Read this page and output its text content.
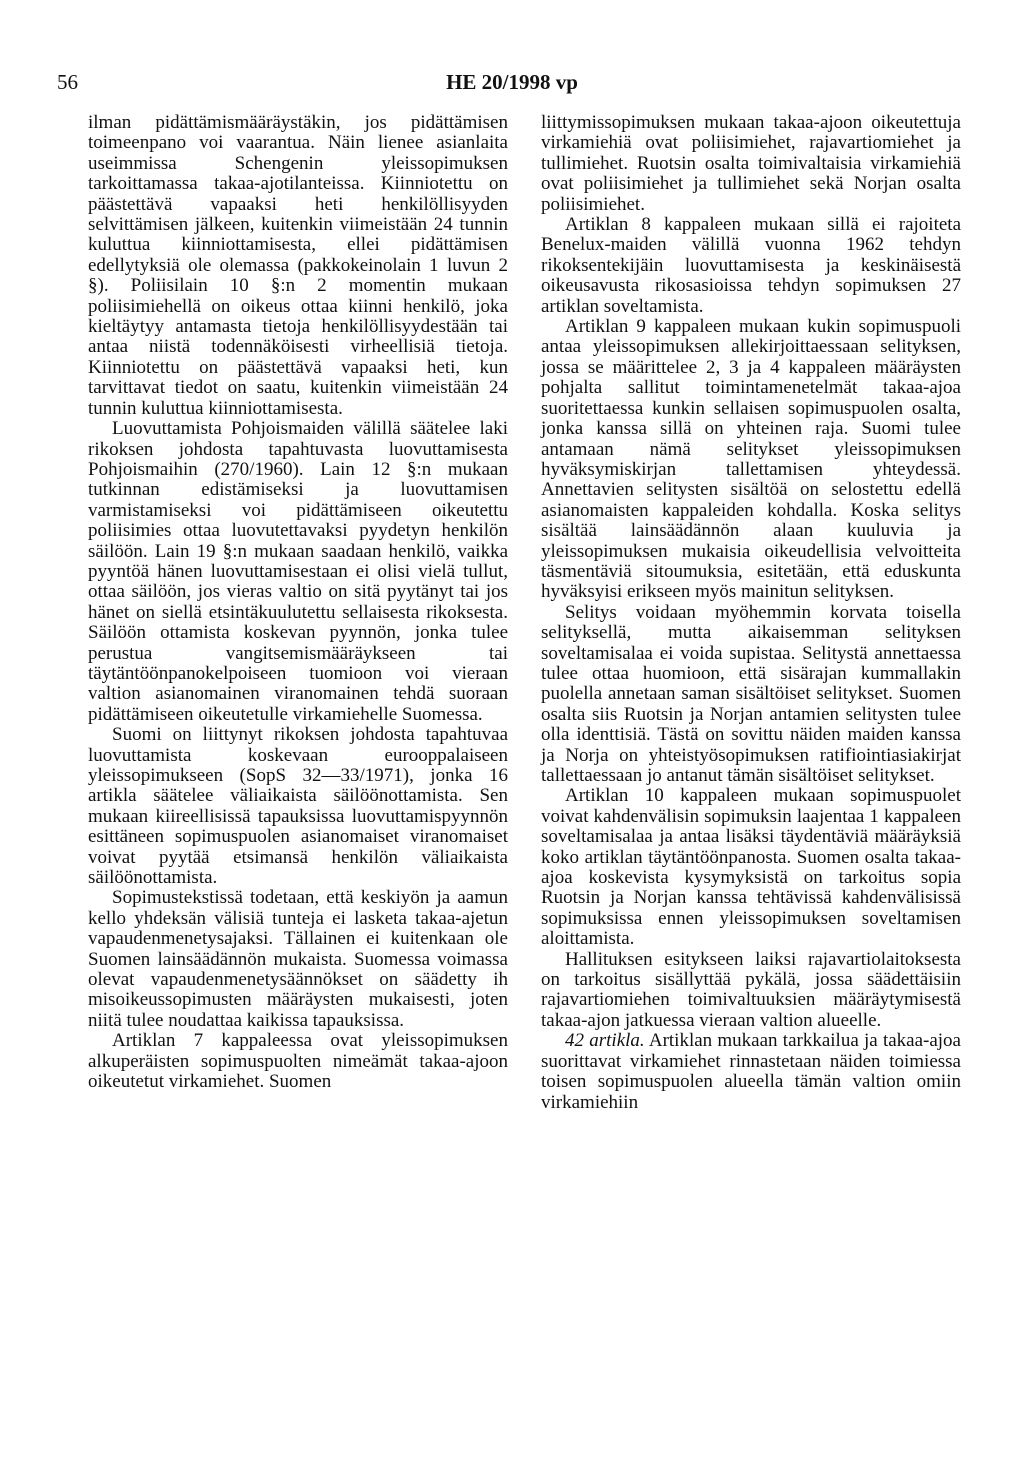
56	HE 20/1998 vp

ilman pidättämismääräystäkin, jos pidättämisen toimeenpano voi vaarantua. Näin lienee asianlaita useimmissa Schengenin yleissopimuksen tarkoittamassa takaa-ajotilanteissa. Kiinniotettu on päästettävä vapaaksi heti henkilöllisyyden selvittämisen jälkeen, kuitenkin viimeistään 24 tunnin kuluttua kiinniottamisesta, ellei pidättämisen edellytyksiä ole olemassa (pakkokeinolain 1 luvun 2 §). Poliisilain 10 §:n 2 momentin mukaan poliisimiehellä on oikeus ottaa kiinni henkilö, joka kieltäytyy antamasta tietoja henkilöllisyydestään tai antaa niistä todennäköisesti virheellisiä tietoja. Kiinniotettu on päästettävä vapaaksi heti, kun tarvittavat tiedot on saatu, kuitenkin viimeistään 24 tunnin kuluttua kiinniottamisesta.

Luovuttamista Pohjoismaiden välillä säätelee laki rikoksen johdosta tapahtuvasta luovuttamisesta Pohjoismaihin (270/1960). Lain 12 §:n mukaan tutkinnan edistämiseksi ja luovuttamisen varmistamiseksi voi pidättämiseen oikeutettu poliisimies ottaa luovutettavaksi pyydetyn henkilön säilöön. Lain 19 §:n mukaan saadaan henkilö, vaikka pyyntöä hänen luovuttamisestaan ei olisi vielä tullut, ottaa säilöön, jos vieras valtio on sitä pyytänyt tai jos hänet on siellä etsintäkuulutettu sellaisesta rikoksesta. Säilöön ottamista koskevan pyynnön, jonka tulee perustua vangitsemismääräykseen tai täytäntöönpanokelpoiseen tuomioon voi vieraan valtion asianomainen viranomainen tehdä suoraan pidättämiseen oikeutetulle virkamiehelle Suomessa.

Suomi on liittynyt rikoksen johdosta tapahtuvaa luovuttamista koskevaan eurooppalaiseen yleissopimukseen (SopS 32—33/1971), jonka 16 artikla säätelee väliaikaista säilöönottamista. Sen mukaan kiireellisissä tapauksissa luovuttamispyynnön esittäneen sopimuspuolen asianomaiset viranomaiset voivat pyytää etsimansä henkilön väliaikaista säilöönottamista.

Sopimustekstissä todetaan, että keskiyön ja aamun kello yhdeksän välisiä tunteja ei lasketa takaa-ajetun vapaudenmenetysajaksi. Tällainen ei kuitenkaan ole Suomen lainsäädännön mukaista. Suomessa voimassa olevat vapaudenmenetysäännökset on säädetty ih misoikeussopimusten määräysten mukaisesti, joten niitä tulee noudattaa kaikissa tapauksissa.

Artiklan 7 kappaleessa ovat yleissopimuksen alkuperäisten sopimuspuolten nimeämät takaa-ajoon oikeutetut virkamiehet. Suomen

liittymissopimuksen mukaan takaa-ajoon oikeutettuja virkamiehiä ovat poliisimiehet, rajavartiomiehet ja tullimiehet. Ruotsin osalta toimivaltaisia virkamiehiä ovat poliisimiehet ja tullimiehet sekä Norjan osalta poliisimiehet.

Artiklan 8 kappaleen mukaan sillä ei rajoiteta Benelux-maiden välillä vuonna 1962 tehdyn rikoksentekijäin luovuttamisesta ja keskinäisestä oikeusavusta rikosasioissa tehdyn sopimuksen 27 artiklan soveltamista.

Artiklan 9 kappaleen mukaan kukin sopimuspuoli antaa yleissopimuksen allekirjoittaessaan selityksen, jossa se määrittelee 2, 3 ja 4 kappaleen määräysten pohjalta sallitut toimintamenetelmät takaa-ajoa suoritettaessa kunkin sellaisen sopimuspuolen osalta, jonka kanssa sillä on yhteinen raja. Suomi tulee antamaan nämä selitykset yleissopimuksen hyväksymiskirjan tallettamisen yhteydessä. Annettavien selitysten sisältöä on selostettu edellä asianomaisten kappaleiden kohdalla. Koska selitys sisältää lainsäädännön alaan kuuluvia ja yleissopimuksen mukaisia oikeudellisia velvoitteita täsmentäviä sitoumuksia, esitetään, että eduskunta hyväksyisi erikseen myös mainitun selityksen.

Selitys voidaan myöhemmin korvata toisella selityksellä, mutta aikaisemman selityksen soveltamisalaa ei voida supistaa. Selitystä annettaessa tulee ottaa huomioon, että sisärajan kummallakin puolella annetaan saman sisältöiset selitykset. Suomen osalta siis Ruotsin ja Norjan antamien selitysten tulee olla identtisiä. Tästä on sovittu näiden maiden kanssa ja Norja on yhteistyösopimuksen ratifiointiasiakirjat tallettaessaan jo antanut tämän sisältöiset selitykset.

Artiklan 10 kappaleen mukaan sopimuspuolet voivat kahdenvälisin sopimuksin laajentaa 1 kappaleen soveltamisalaa ja antaa lisäksi täydentäviä määräyksiä koko artiklan täytäntöönpanosta. Suomen osalta takaa-ajoa koskevista kysymyksistä on tarkoitus sopia Ruotsin ja Norjan kanssa tehtävissä kahdenvälisissä sopimuksissa ennen yleissopimuksen soveltamisen aloittamista.

Hallituksen esitykseen laiksi rajavartiolaitoksesta on tarkoitus sisällyttää pykälä, jossa säädettäisiin rajavartiomiehen toimivaltuuksien määräytymisestä takaa-ajon jatkuessa vieraan valtion alueelle.

42 artikla. Artiklan mukaan tarkkailua ja takaa-ajoa suorittavat virkamiehet rinnastetaan näiden toimiessa toisen sopimuspuolen alueella tämän valtion omiin virkamiehiin
